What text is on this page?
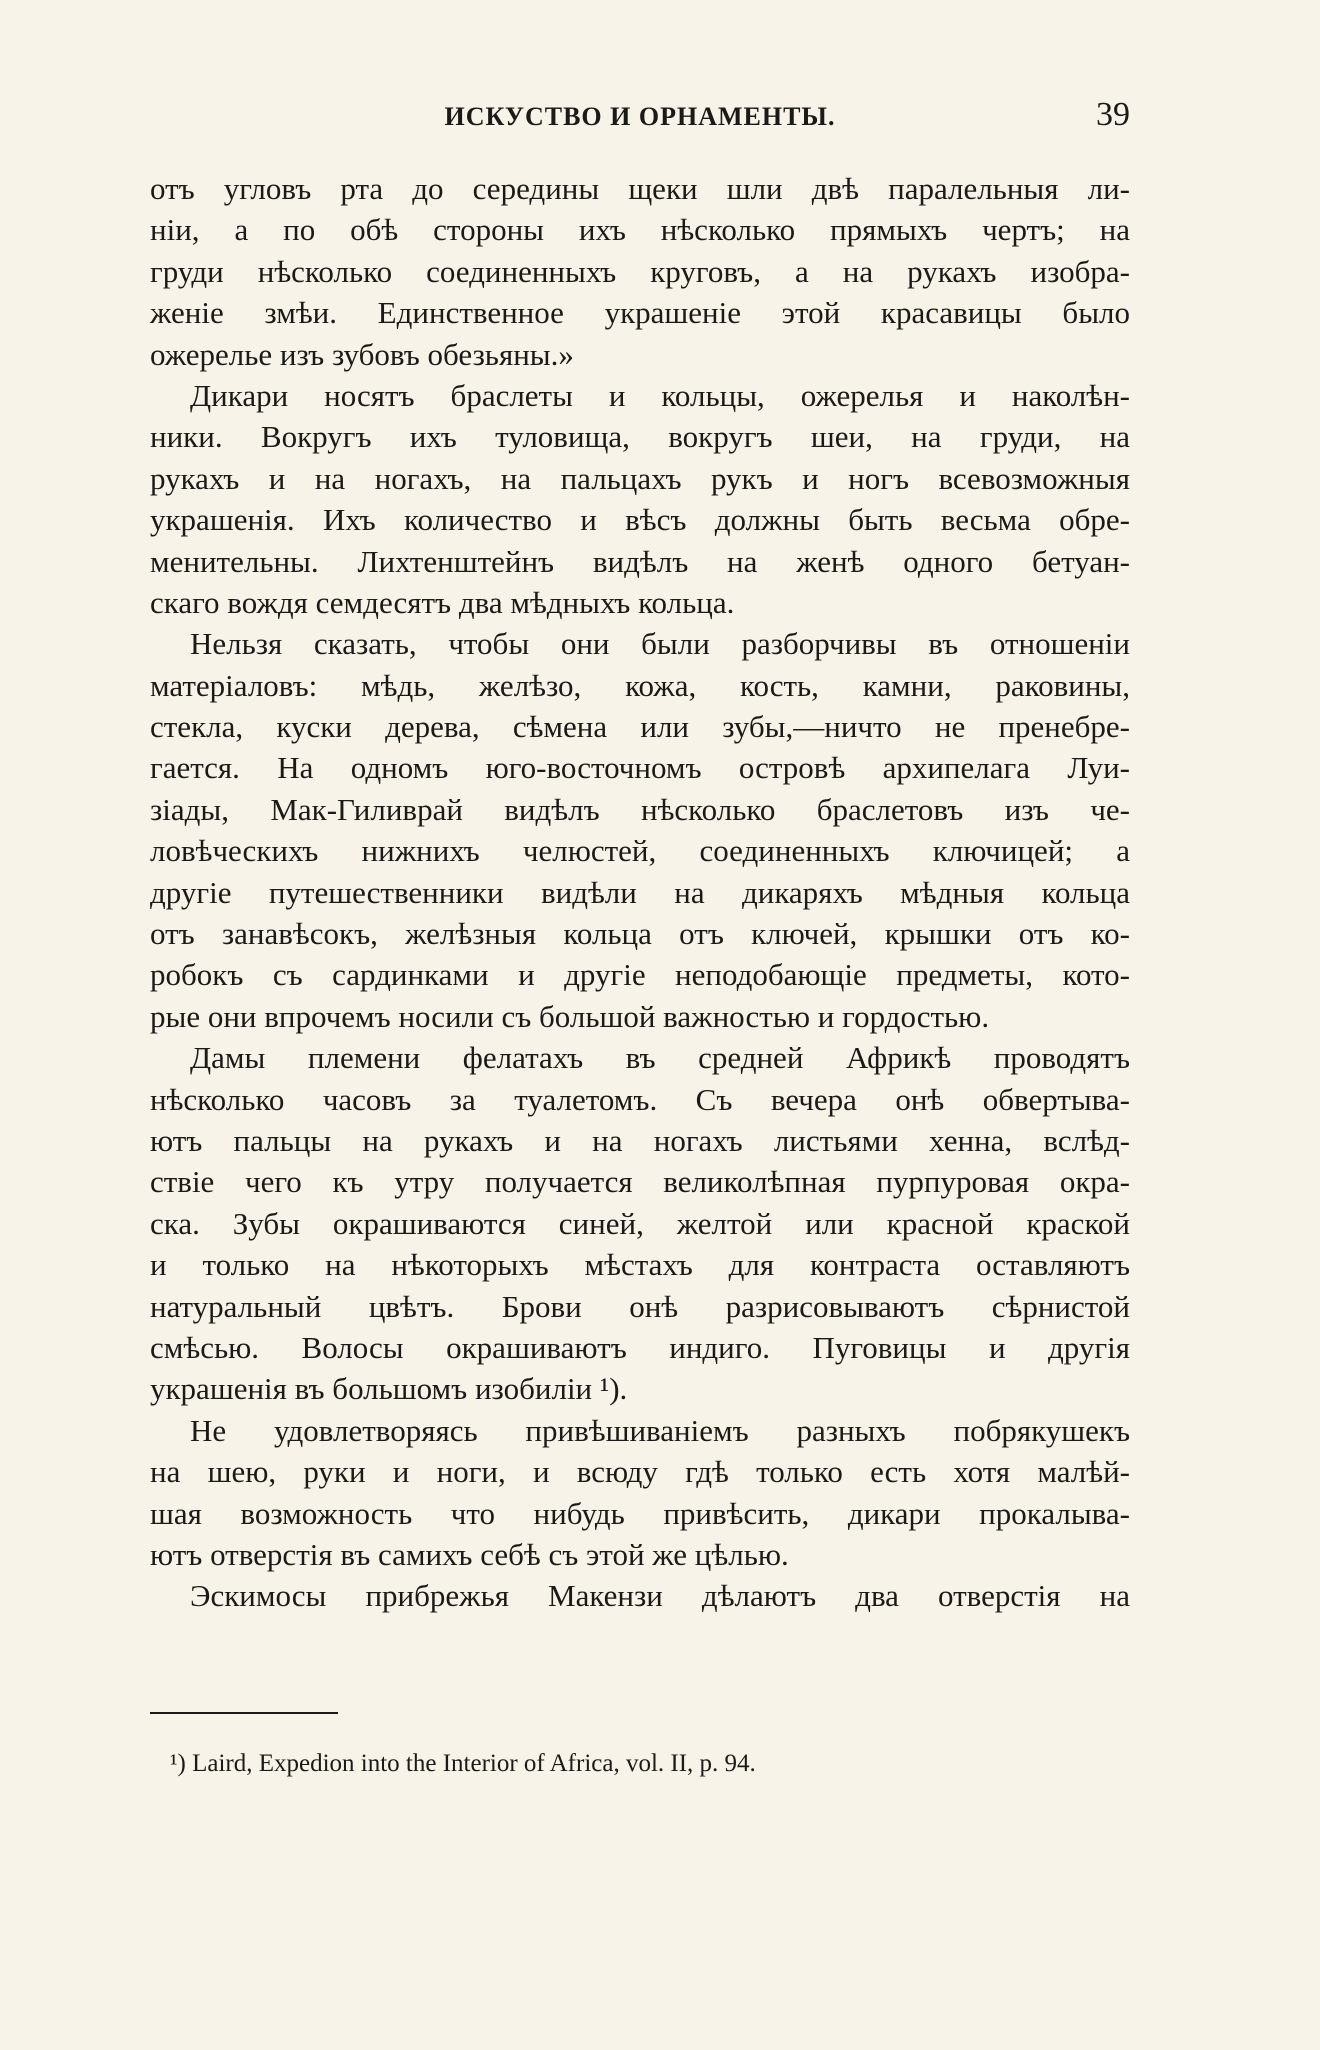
ИСКУСТВО И ОРНАМЕНТЫ.	39
отъ угловъ рта до середины щеки шли двѣ паралельныя ли-
ніи, а по обѣ стороны ихъ нѣсколько прямыхъ чертъ; на
груди нѣсколько соединенныхъ круговъ, а на рукахъ изобра-
женіе змѣи. Единственное украшеніе этой красавицы было
ожерелье изъ зубовъ обезьяны.»
Дикари носятъ браслеты и кольцы, ожерелья и наколѣн-
ники. Вокругъ ихъ туловища, вокругъ шеи, на груди, на
рукахъ и на ногахъ, на пальцахъ рукъ и ногъ всевозможныя
украшенія. Ихъ количество и вѣсъ должны быть весьма обре-
менительны. Лихтенштейнъ видѣлъ на женѣ одного бетуан-
скаго вождя семдесятъ два мѣдныхъ кольца.
Нельзя сказать, чтобы они были разборчивы въ отношеніи
матеріаловъ: мѣдь, желѣзо, кожа, кость, камни, раковины,
стекла, куски дерева, сѣмена или зубы,—ничто не пренебре-
гается. На одномъ юго-восточномъ островѣ архипелага Луи-
зіады, Мак-Гиливрай видѣлъ нѣсколько браслетовъ изъ че-
ловѣческихъ нижнихъ челюстей, соединенныхъ ключицей; а
другіе путешественники видѣли на дикаряхъ мѣдныя кольца
отъ занавѣсокъ, желѣзныя кольца отъ ключей, крышки отъ ко-
робокъ съ сардинками и другіе неподобающіе предметы, кото-
рые они впрочемъ носили съ большой важностью и гордостью.
Дамы племени фелатахъ въ средней Африкѣ проводятъ
нѣсколько часовъ за туалетомъ. Съ вечера онѣ обвертыва-
ютъ пальцы на рукахъ и на ногахъ листьями хенна, вслѣд-
ствіе чего къ утру получается великолѣпная пурпуровая окра-
ска. Зубы окрашиваются синей, желтой или красной краской
и только на нѣкоторыхъ мѣстахъ для контраста оставляютъ
натуральный цвѣтъ. Брови онѣ разрисовываютъ сѣрнистой
смѣсью. Волосы окрашиваютъ индиго. Пуговицы и другія
украшенія въ большомъ изобиліи ¹).
Не удовлетворяясь привѣшиваніемъ разныхъ побрякушекъ
на шею, руки и ноги, и всюду гдѣ только есть хотя малѣй-
шая возможность что нибудь привѣсить, дикари прокалыва-
ютъ отверстія въ самихъ себѣ съ этой же цѣлью.
Эскимосы прибрежья Макензи дѣлаютъ два отверстія на
¹) Laird, Expedion into the Interior of Africa, vol. II, p. 94.
